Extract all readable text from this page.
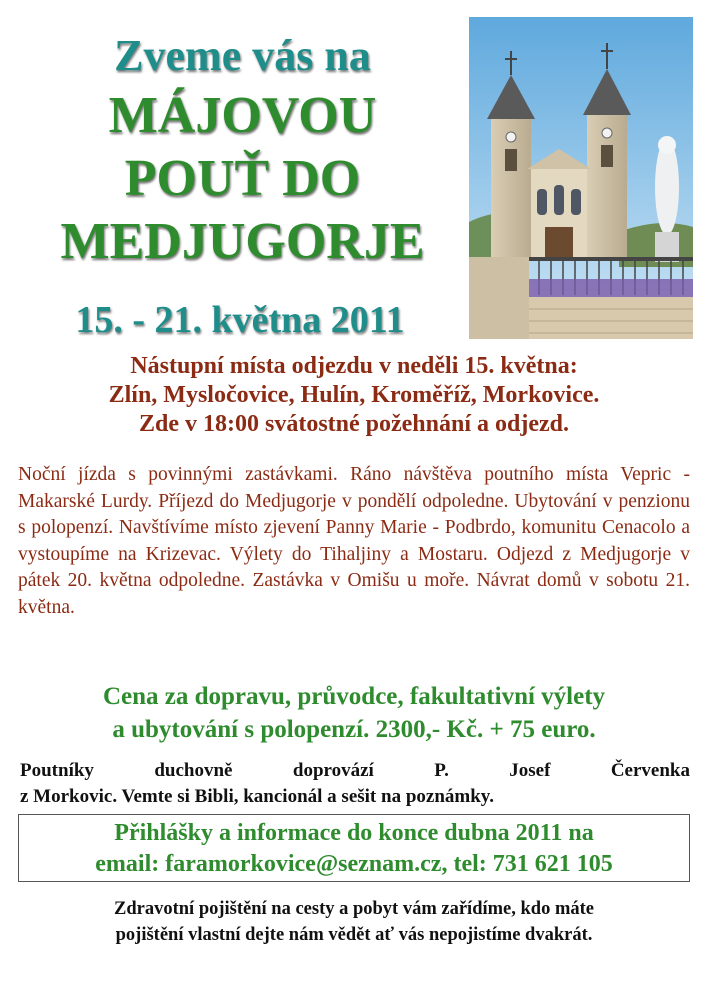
Zveme vás na
MÁJOVOU
POUŤ DO
MEDJUGORJE
15. - 21. května 2011
Nástupní místa odjezdu v neděli 15. května:
Zlín, Mysločovice, Hulín, Kroměříž, Morkovice.
Zde v 18:00 svátostné požehnání a odjezd.
Noční jízda s povinnými zastávkami. Ráno návštěva poutního místa Vepric - Makarské Lurdy. Příjezd do Medjugorje v pondělí odpoledne. Ubytování v penzionu s polopenzí. Navštívíme místo zjevení Panny Marie - Podbrdo, komunitu Cenacolo a vystoupíme na Krizevac. Výlety do Tihaljiny a Mostaru. Odjezd z Medjugorje v pátek 20. května odpoledne. Zastávka v Omišu u moře. Návrat domů v sobotu 21. května.
Cena za dopravu, průvodce, fakultativní výlety
a ubytování s polopenzí. 2300,- Kč. + 75 euro.
Poutníky	duchovně	doprovází	P.	Josef	Červenka
z Morkovic. Vemte si Bibli, kancionál a sešit na poznámky.
Přihlášky a informace do konce dubna 2011 na
email: faramorkovice@seznam.cz, tel: 731 621 105
Zdravotní pojištění na cesty a pobyt vám zařídíme, kdo máte
pojištění vlastní dejte nám vědět ať vás nepojistíme dvakrát.
